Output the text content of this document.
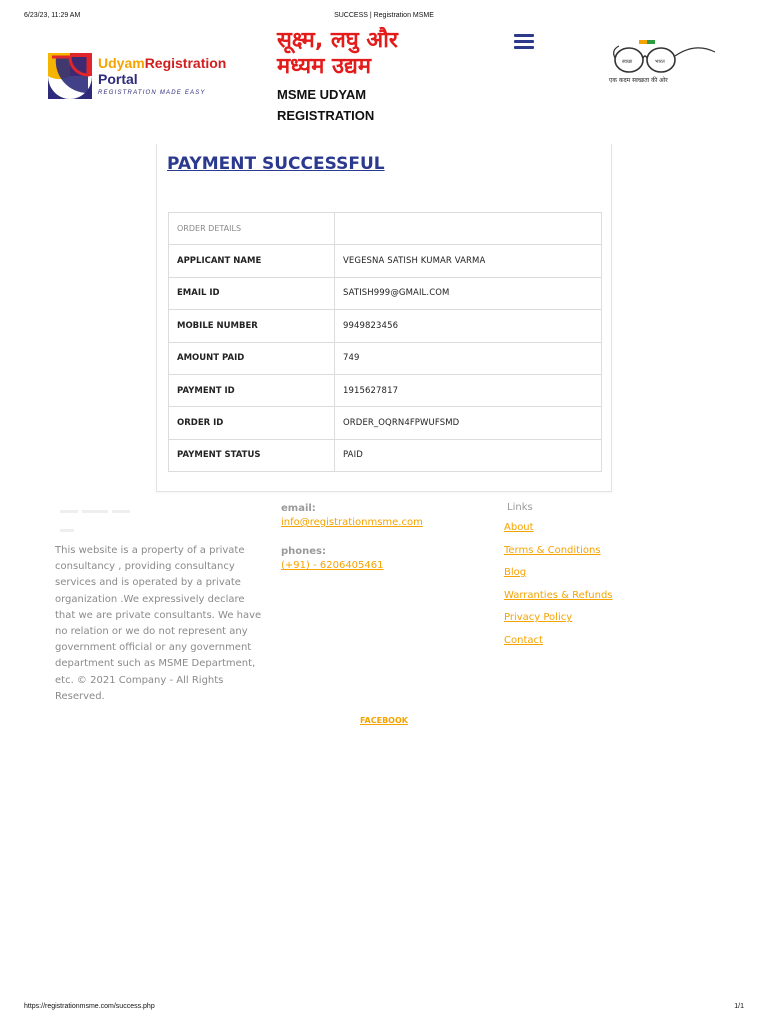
6/23/23, 11:29 AM	SUCCESS | Registration MSME
UdyamRegistration
Portal
REGISTRATION MADE EASY
सूक्ष्म, लघु और
मध्यम उद्यम
MSME UDYAM
REGISTRATION
स्वच्छ	भारत
एक कदम स्वच्छता की ओर
PAYMENT SUCCESSFUL
ORDER DETAILS	
APPLICANT NAME	VEGESNA SATISH KUMAR VARMA
EMAIL ID	SATISH999@GMAIL.COM
MOBILE NUMBER	9949823456
AMOUNT PAID	749
PAYMENT ID	1915627817
ORDER ID	ORDER_OQRN4FPWUFSMD
PAYMENT STATUS	PAID
This website is a property of a private consultancy , providing consultancy services and is operated by a private organization .We expressively declare that we are private consultants. We have no relation or we do not represent any government official or any government department such as MSME Department, etc. © 2021 Company - All Rights Reserved.
email:
info@registrationmsme.com
phones:
(+91) - 6206405461
Links
About
Terms & Conditions
Blog
Warranties & Refunds
Privacy Policy
Contact
FACEBOOK
https://registrationmsme.com/success.php	1/1
